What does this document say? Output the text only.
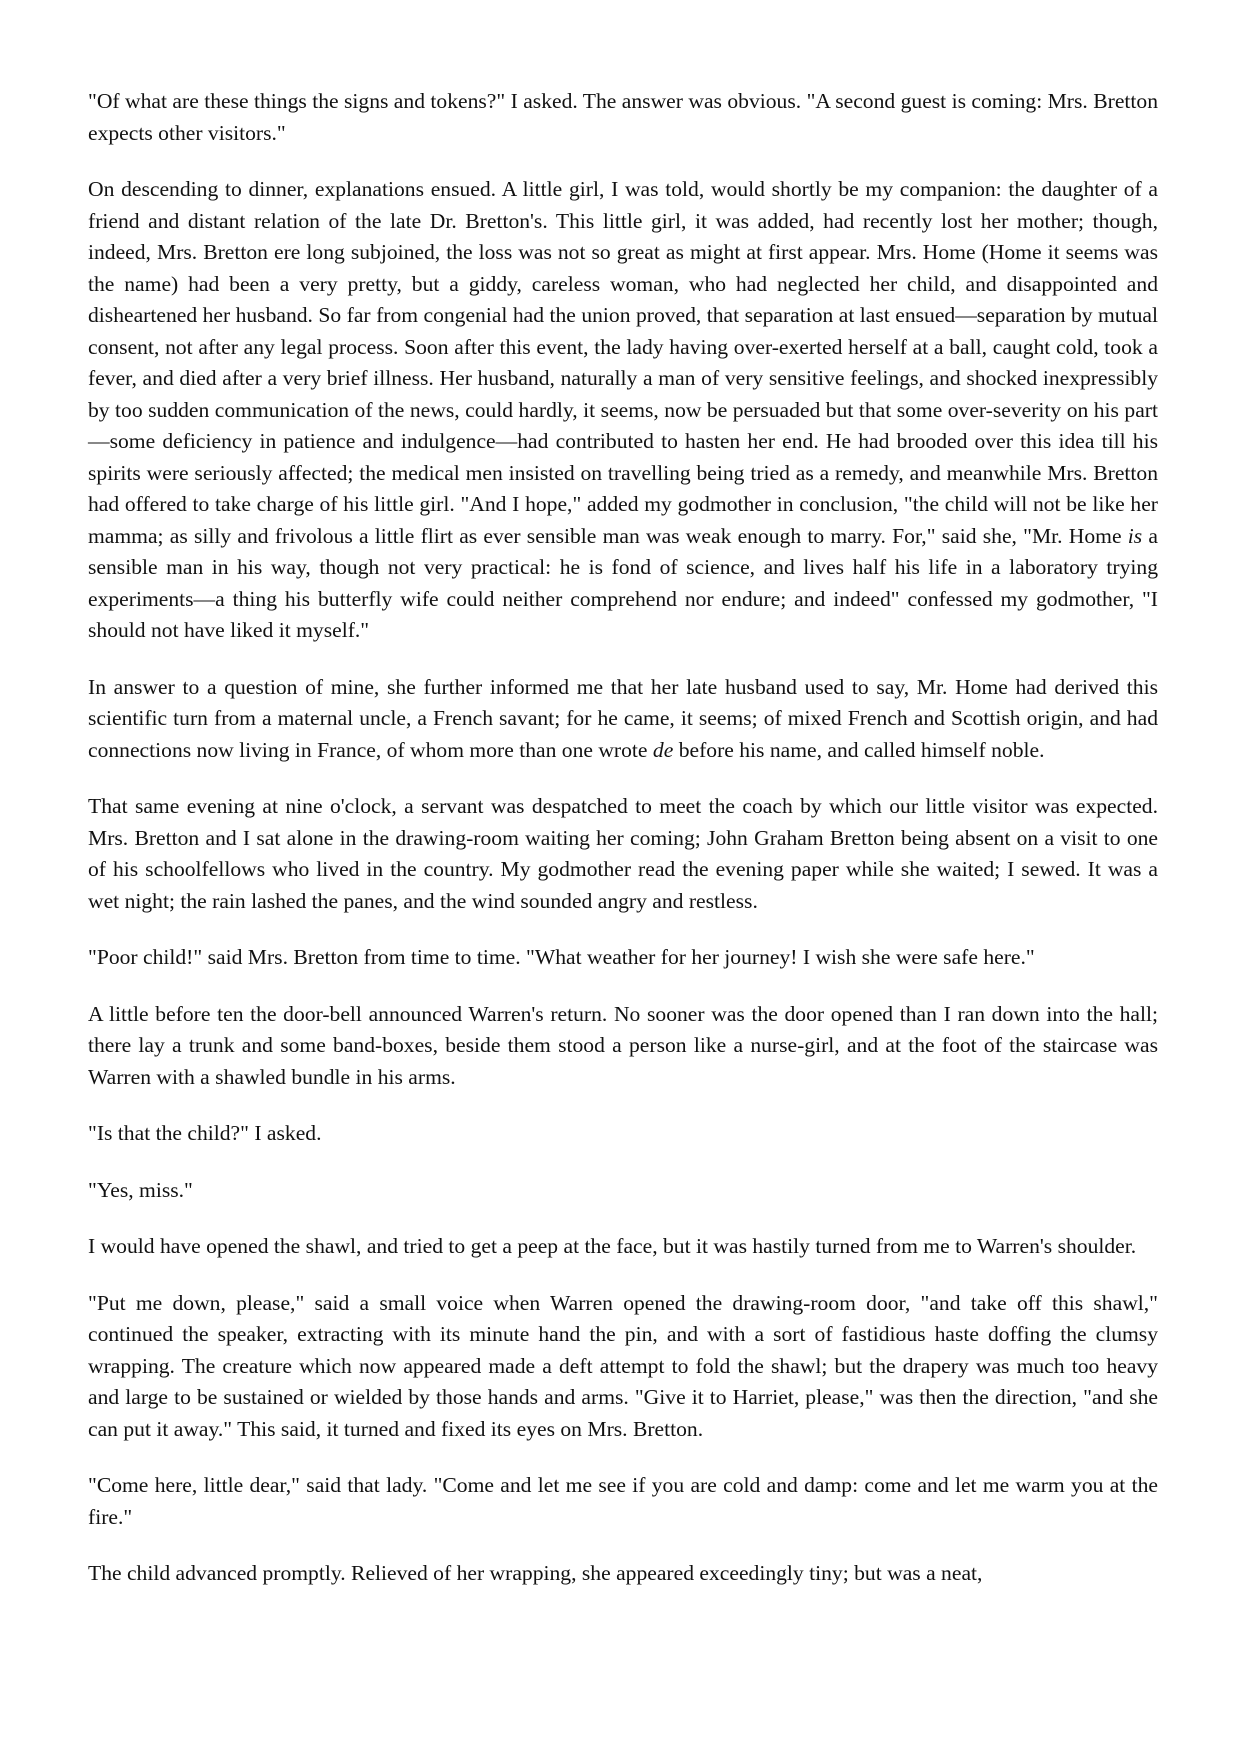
"Of what are these things the signs and tokens?" I asked. The answer was obvious. "A second guest is coming: Mrs. Bretton expects other visitors."

On descending to dinner, explanations ensued. A little girl, I was told, would shortly be my companion: the daughter of a friend and distant relation of the late Dr. Bretton's. This little girl, it was added, had recently lost her mother; though, indeed, Mrs. Bretton ere long subjoined, the loss was not so great as might at first appear. Mrs. Home (Home it seems was the name) had been a very pretty, but a giddy, careless woman, who had neglected her child, and disappointed and disheartened her husband. So far from congenial had the union proved, that separation at last ensued—separation by mutual consent, not after any legal process. Soon after this event, the lady having over-exerted herself at a ball, caught cold, took a fever, and died after a very brief illness. Her husband, naturally a man of very sensitive feelings, and shocked inexpressibly by too sudden communication of the news, could hardly, it seems, now be persuaded but that some over-severity on his part—some deficiency in patience and indulgence—had contributed to hasten her end. He had brooded over this idea till his spirits were seriously affected; the medical men insisted on travelling being tried as a remedy, and meanwhile Mrs. Bretton had offered to take charge of his little girl. "And I hope," added my godmother in conclusion, "the child will not be like her mamma; as silly and frivolous a little flirt as ever sensible man was weak enough to marry. For," said she, "Mr. Home is a sensible man in his way, though not very practical: he is fond of science, and lives half his life in a laboratory trying experiments—a thing his butterfly wife could neither comprehend nor endure; and indeed" confessed my godmother, "I should not have liked it myself."

In answer to a question of mine, she further informed me that her late husband used to say, Mr. Home had derived this scientific turn from a maternal uncle, a French savant; for he came, it seems; of mixed French and Scottish origin, and had connections now living in France, of whom more than one wrote de before his name, and called himself noble.

That same evening at nine o'clock, a servant was despatched to meet the coach by which our little visitor was expected. Mrs. Bretton and I sat alone in the drawing-room waiting her coming; John Graham Bretton being absent on a visit to one of his schoolfellows who lived in the country. My godmother read the evening paper while she waited; I sewed. It was a wet night; the rain lashed the panes, and the wind sounded angry and restless.

"Poor child!" said Mrs. Bretton from time to time. "What weather for her journey! I wish she were safe here."

A little before ten the door-bell announced Warren's return. No sooner was the door opened than I ran down into the hall; there lay a trunk and some band-boxes, beside them stood a person like a nurse-girl, and at the foot of the staircase was Warren with a shawled bundle in his arms.

"Is that the child?" I asked.

"Yes, miss."

I would have opened the shawl, and tried to get a peep at the face, but it was hastily turned from me to Warren's shoulder.

"Put me down, please," said a small voice when Warren opened the drawing-room door, "and take off this shawl," continued the speaker, extracting with its minute hand the pin, and with a sort of fastidious haste doffing the clumsy wrapping. The creature which now appeared made a deft attempt to fold the shawl; but the drapery was much too heavy and large to be sustained or wielded by those hands and arms. "Give it to Harriet, please," was then the direction, "and she can put it away." This said, it turned and fixed its eyes on Mrs. Bretton.

"Come here, little dear," said that lady. "Come and let me see if you are cold and damp: come and let me warm you at the fire."

The child advanced promptly. Relieved of her wrapping, she appeared exceedingly tiny; but was a neat,
